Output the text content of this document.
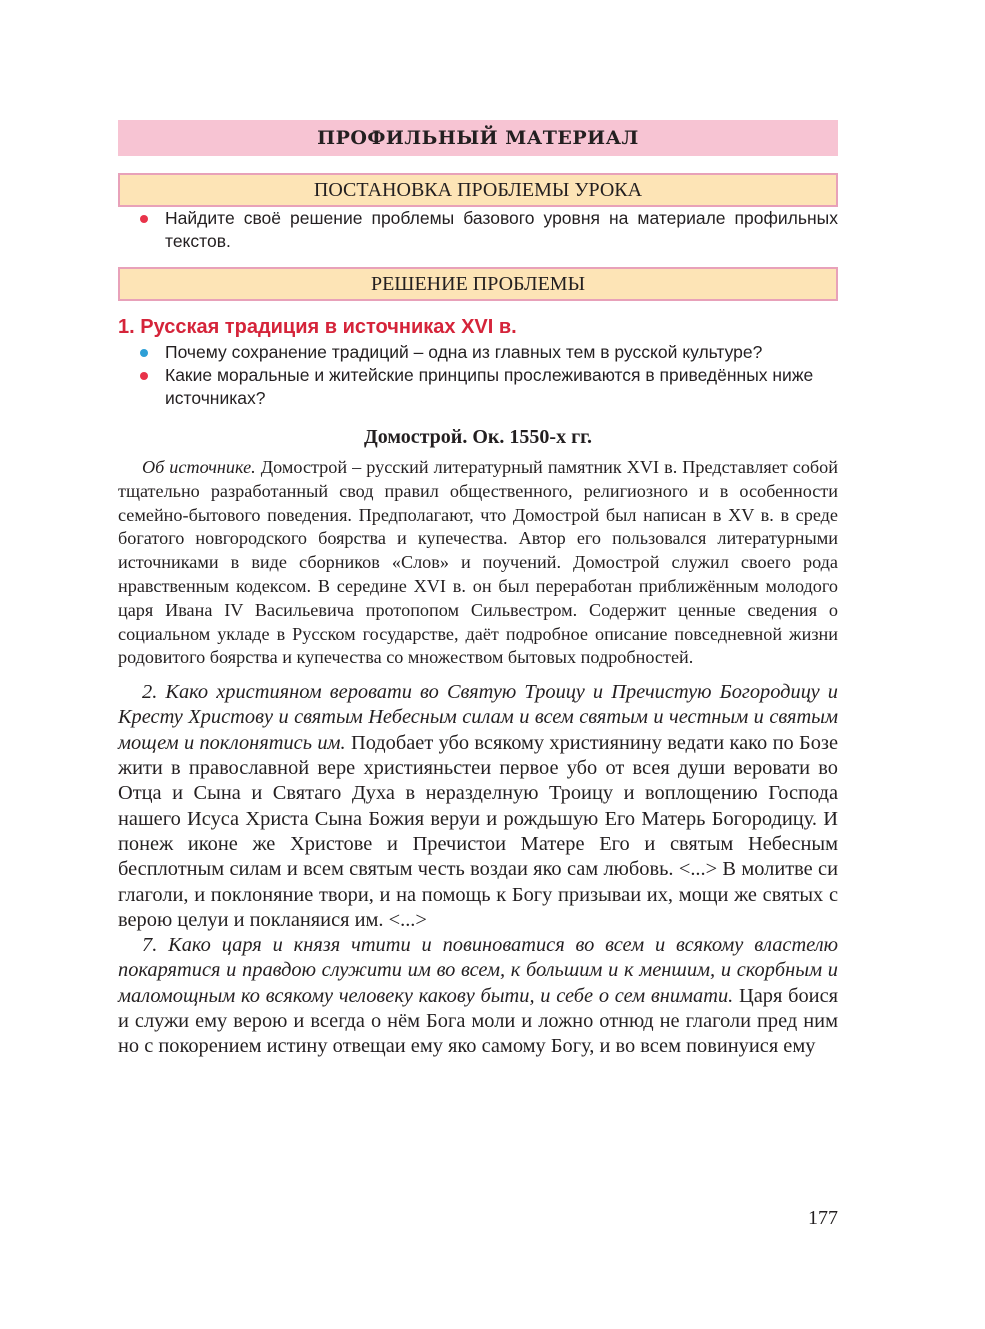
ПРОФИЛЬНЫЙ МАТЕРИАЛ
ПОСТАНОВКА ПРОБЛЕМЫ УРОКА
Найдите своё решение проблемы базового уровня на материале профильных текстов.
РЕШЕНИЕ ПРОБЛЕМЫ
1. Русская традиция в источниках XVI в.
Почему сохранение традиций – одна из главных тем в русской культуре?
Какие моральные и житейские принципы прослеживаются в приведённых ниже источниках?
Домострой. Ок. 1550-х гг.

Об источнике. Домострой – русский литературный памятник XVI в. Представляет собой тщательно разработанный свод правил общественного, религиозного и в особенности семейно-бытового поведения. Предполагают, что Домострой был написан в XV в. в среде богатого новгородского боярства и купечества. Автор его пользовался литературными источниками в виде сборников «Слов» и поучений. Домострой служил своего рода нравственным кодексом. В середине XVI в. он был переработан приближённым молодого царя Ивана IV Васильевича протопопом Сильвестром. Содержит ценные сведения о социальном укладе в Русском государстве, даёт подробное описание повседневной жизни родовитого боярства и купечества со множеством бытовых подробностей.

2. Како християном веровати во Святую Троицу и Пречистую Богородицу и Кресту Христову и святым Небесным силам и всем святым и честным и святым мощем и поклонятись им. Подобает убо всякому християнину ведати како по Бозе жити в православной вере християньстеи первое убо от всея души веровати во Отца и Сына и Святаго Духа в неразделную Троицу и воплощению Господа нашего Исуса Христа Сына Божия веруи и рождьшую Его Матерь Богородицу. И понеж иконе же Христове и Пречистои Матере Его и святым Небесным бесплотным силам и всем святым честь воздаи яко сам любовь. <...> В молитве си глаголи, и поклоняние твори, и на помощь к Богу призываи их, мощи же святых с верою целуи и покланяися им. <...>

7. Како царя и князя чтити и повиноватися во всем и всякому властелю покарятися и правдою служити им во всем, к большим и к меншим, и скорбным и маломощным ко всякому человеку какову быти, и себе о сем внимати. Царя боися и служи ему верою и всегда о нём Бога моли и ложно отнюд не глаголи пред ним но с покорением истину отвещаи ему яко самому Богу, и во всем повинуися ему

177
